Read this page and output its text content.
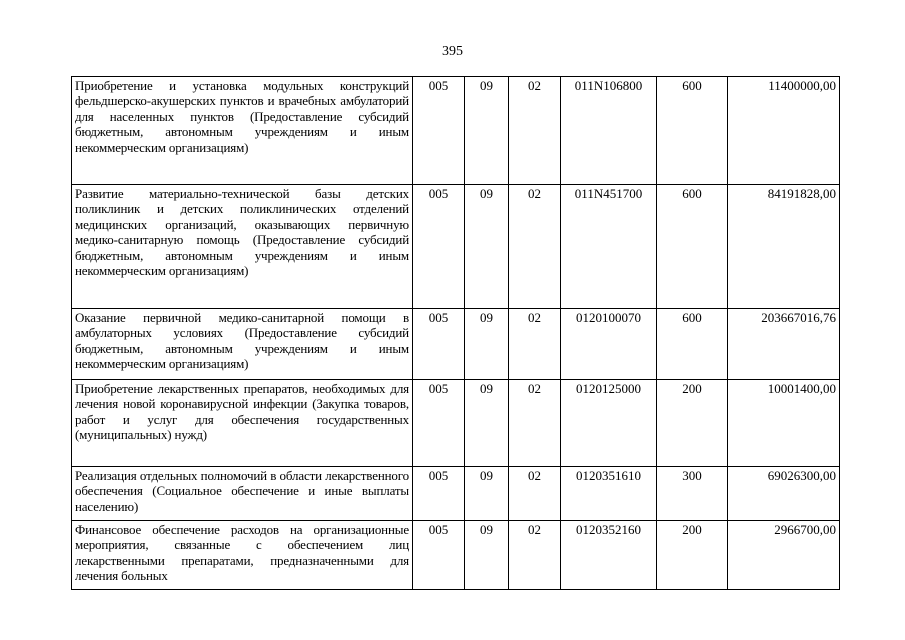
395
Приобретение и установка модульных конструкций фельдшерско-акушерских пунктов и врачебных амбулаторий для населенных пунктов (Предоставление субсидий бюджетным, автономным учреждениям и иным некоммерческим организациям)	005	09	02	011N106800	600	11400000,00
Развитие материально-технической базы детских поликлиник и детских поликлинических отделений медицинских организаций, оказывающих первичную медико-санитарную помощь (Предоставление субсидий бюджетным, автономным учреждениям и иным некоммерческим организациям)	005	09	02	011N451700	600	84191828,00
Оказание первичной медико-санитарной помощи в амбулаторных условиях (Предоставление субсидий бюджетным, автономным учреждениям и иным некоммерческим организациям)	005	09	02	0120100070	600	203667016,76
Приобретение лекарственных препаратов, необходимых для лечения новой коронавирусной инфекции (Закупка товаров, работ и услуг для обеспечения государственных (муниципальных) нужд)	005	09	02	0120125000	200	10001400,00
Реализация отдельных полномочий в области лекарственного обеспечения (Социальное обеспечение и иные выплаты населению)	005	09	02	0120351610	300	69026300,00
Финансовое обеспечение расходов на организационные мероприятия, связанные с обеспечением лиц лекарственными препаратами, предназначенными для лечения больных	005	09	02	0120352160	200	2966700,00
